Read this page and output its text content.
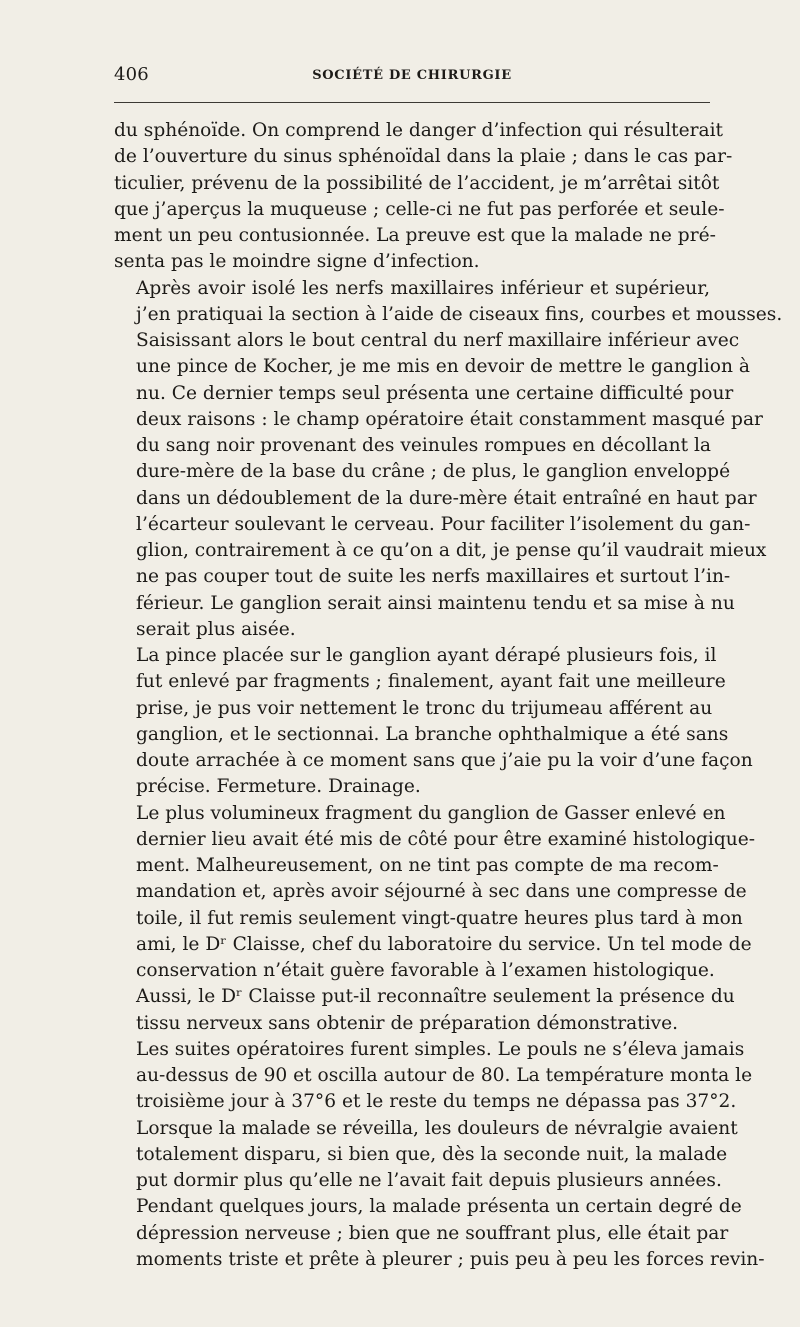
406	SOCIÉTÉ DE CHIRURGIE
du sphénoïde. On comprend le danger d’infection qui résulterait
de l’ouverture du sinus sphénoïdal dans la plaie ; dans le cas par-
ticulier, prévenu de la possibilité de l’accident, je m’arrêtai sitôt
que j’aperçus la muqueuse ; celle-ci ne fut pas perforée et seule-
ment un peu contusionnée. La preuve est que la malade ne pré-
senta pas le moindre signe d’infection.
Après avoir isolé les nerfs maxillaires inférieur et supérieur,
j’en pratiquai la section à l’aide de ciseaux fins, courbes et mousses.
Saisissant alors le bout central du nerf maxillaire inférieur avec
une pince de Kocher, je me mis en devoir de mettre le ganglion à
nu. Ce dernier temps seul présenta une certaine difficulté pour
deux raisons : le champ opératoire était constamment masqué par
du sang noir provenant des veinules rompues en décollant la
dure-mère de la base du crâne ; de plus, le ganglion enveloppé
dans un dédoublement de la dure-mère était entraîné en haut par
l’écarteur soulevant le cerveau. Pour faciliter l’isolement du gan-
glion, contrairement à ce qu’on a dit, je pense qu’il vaudrait mieux
ne pas couper tout de suite les nerfs maxillaires et surtout l’in-
férieur. Le ganglion serait ainsi maintenu tendu et sa mise à nu
serait plus aisée.
La pince placée sur le ganglion ayant dérapé plusieurs fois, il
fut enlevé par fragments ; finalement, ayant fait une meilleure
prise, je pus voir nettement le tronc du trijumeau afférent au
ganglion, et le sectionnai. La branche ophthalmique a été sans
doute arrachée à ce moment sans que j’aie pu la voir d’une façon
précise. Fermeture. Drainage.
Le plus volumineux fragment du ganglion de Gasser enlevé en
dernier lieu avait été mis de côté pour être examiné histologique-
ment. Malheureusement, on ne tint pas compte de ma recom-
mandation et, après avoir séjourné à sec dans une compresse de
toile, il fut remis seulement vingt-quatre heures plus tard à mon
ami, le Dʳ Claisse, chef du laboratoire du service. Un tel mode de
conservation n’était guère favorable à l’examen histologique.
Aussi, le Dʳ Claisse put-il reconnaître seulement la présence du
tissu nerveux sans obtenir de préparation démonstrative.
Les suites opératoires furent simples. Le pouls ne s’éleva jamais
au-dessus de 90 et oscilla autour de 80. La température monta le
troisième jour à 37°6 et le reste du temps ne dépassa pas 37°2.
Lorsque la malade se réveilla, les douleurs de névralgie avaient
totalement disparu, si bien que, dès la seconde nuit, la malade
put dormir plus qu’elle ne l’avait fait depuis plusieurs années.
Pendant quelques jours, la malade présenta un certain degré de
dépression nerveuse ; bien que ne souffrant plus, elle était par
moments triste et prête à pleurer ; puis peu à peu les forces revin-
